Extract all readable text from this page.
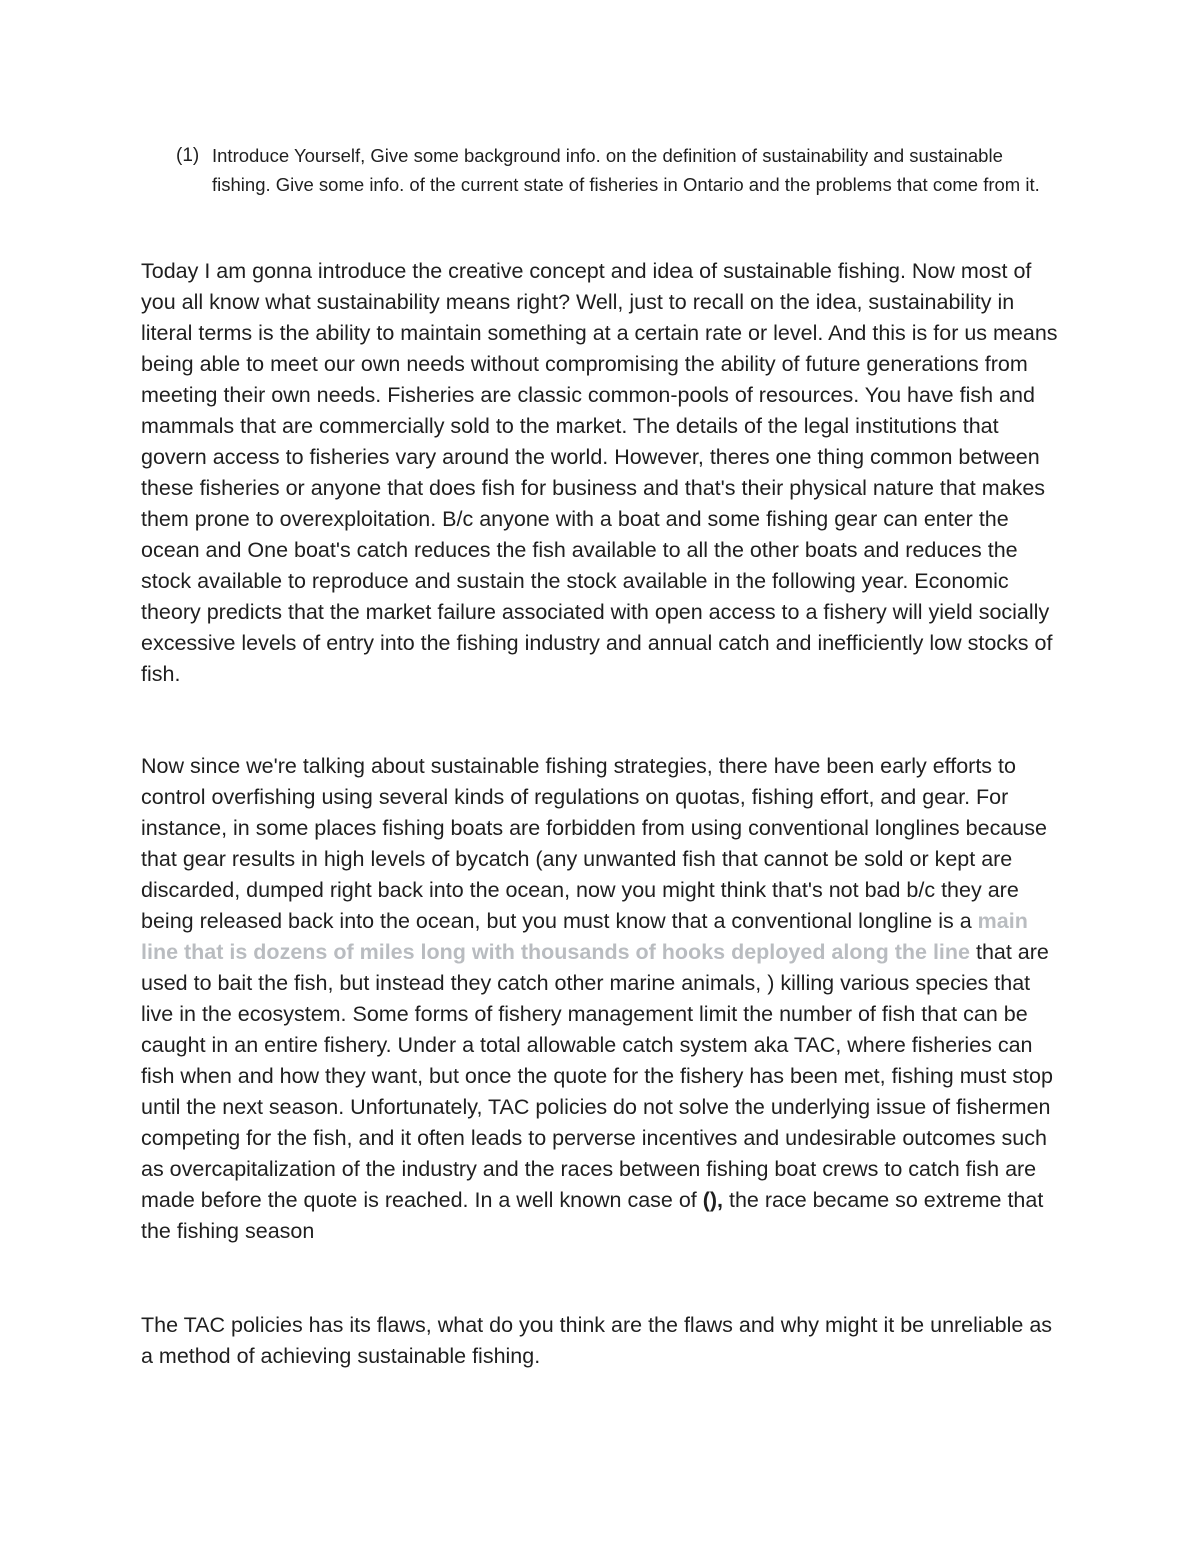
(1) Introduce Yourself, Give some background info. on the definition of sustainability and sustainable fishing. Give some info. of the current state of fisheries in Ontario and the problems that come from it.

Today I am gonna introduce the creative concept and idea of sustainable fishing. Now most of you all know what sustainability means right? Well, just to recall on the idea, sustainability in literal terms is the ability to maintain something at a certain rate or level. And this is for us means being able to meet our own needs without compromising the ability of future generations from meeting their own needs. Fisheries are classic common-pools of resources. You have fish and mammals that are commercially sold to the market. The details of the legal institutions that govern access to fisheries vary around the world. However, theres one thing common between these fisheries or anyone that does fish for business and that's their physical nature that makes them prone to overexploitation. B/c anyone with a boat and some fishing gear can enter the ocean and One boat's catch reduces the fish available to all the other boats and reduces the stock available to reproduce and sustain the stock available in the following year. Economic theory predicts that the market failure associated with open access to a fishery will yield socially excessive levels of entry into the fishing industry and annual catch and inefficiently low stocks of fish.

Now since we're talking about sustainable fishing strategies, there have been early efforts to control overfishing using several kinds of regulations on quotas, fishing effort, and gear. For instance, in some places fishing boats are forbidden from using conventional longlines because that gear results in high levels of bycatch (any unwanted fish that cannot be sold or kept are discarded, dumped right back into the ocean, now you might think that's not bad b/c they are being released back into the ocean, but you must know that a conventional longline is a main line that is dozens of miles long with thousands of hooks deployed along the line that are used to bait the fish, but instead they catch other marine animals, ) killing various species that live in the ecosystem. Some forms of fishery management limit the number of fish that can be caught in an entire fishery. Under a total allowable catch system aka TAC, where fisheries can fish when and how they want, but once the quote for the fishery has been met, fishing must stop until the next season. Unfortunately, TAC policies do not solve the underlying issue of fishermen competing for the fish, and it often leads to perverse incentives and undesirable outcomes such as overcapitalization of the industry and the races between fishing boat crews to catch fish are made before the quote is reached. In a well known case of (), the race became so extreme that the fishing season

The TAC policies has its flaws, what do you think are the flaws and why might it be unreliable as a method of achieving sustainable fishing.
